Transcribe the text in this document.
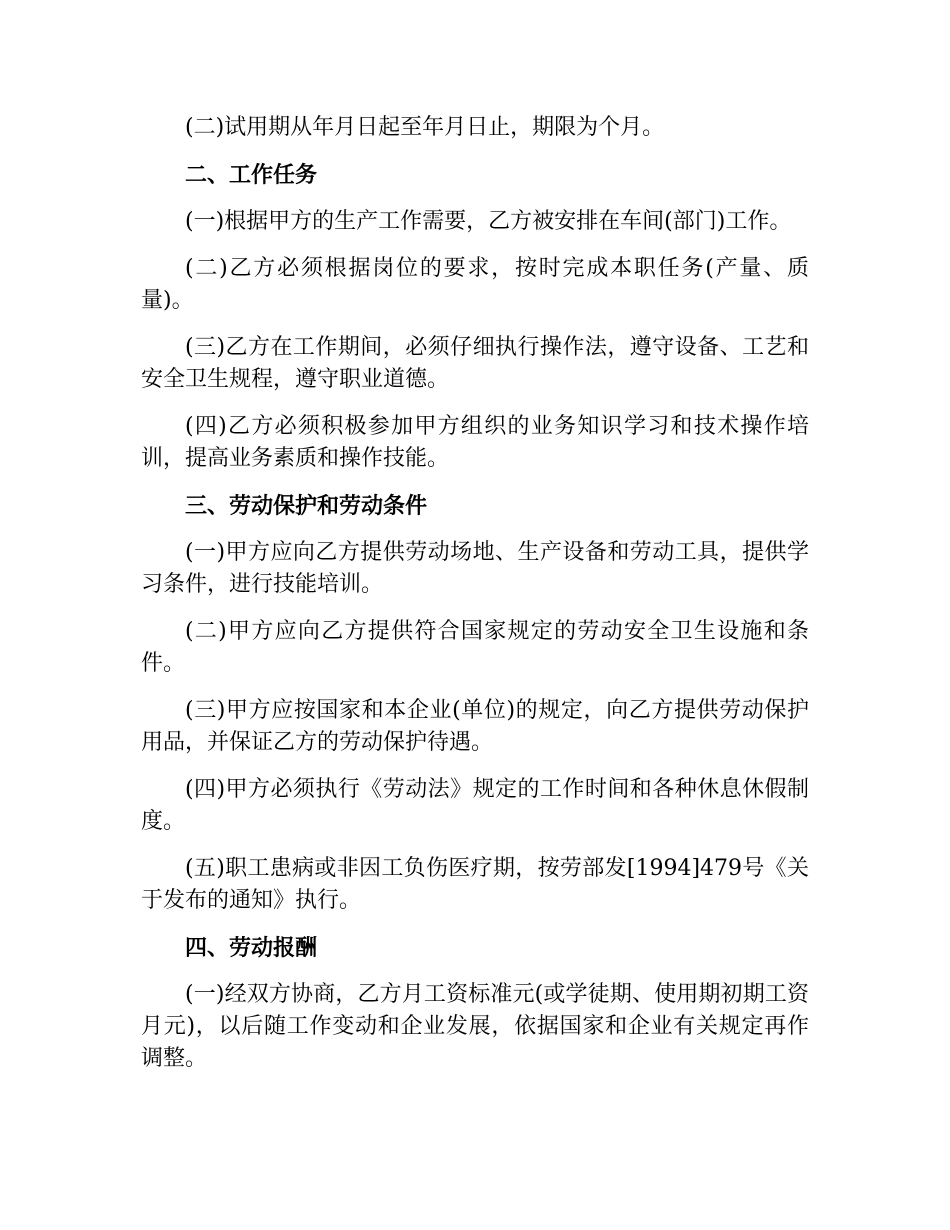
(二)试用期从年月日起至年月日止，期限为个月。

二、工作任务

(一)根据甲方的生产工作需要，乙方被安排在车间(部门)工作。

(二)乙方必须根据岗位的要求，按时完成本职任务(产量、质量)。

(三)乙方在工作期间，必须仔细执行操作法，遵守设备、工艺和安全卫生规程，遵守职业道德。

(四)乙方必须积极参加甲方组织的业务知识学习和技术操作培训，提高业务素质和操作技能。

三、劳动保护和劳动条件

(一)甲方应向乙方提供劳动场地、生产设备和劳动工具，提供学习条件，进行技能培训。

(二)甲方应向乙方提供符合国家规定的劳动安全卫生设施和条件。

(三)甲方应按国家和本企业(单位)的规定，向乙方提供劳动保护用品，并保证乙方的劳动保护待遇。

(四)甲方必须执行《劳动法》规定的工作时间和各种休息休假制度。

(五)职工患病或非因工负伤医疗期，按劳部发[1994]479号《关于发布的通知》执行。

四、劳动报酬

(一)经双方协商，乙方月工资标准元(或学徒期、使用期初期工资月元)，以后随工作变动和企业发展，依据国家和企业有关规定再作调整。
